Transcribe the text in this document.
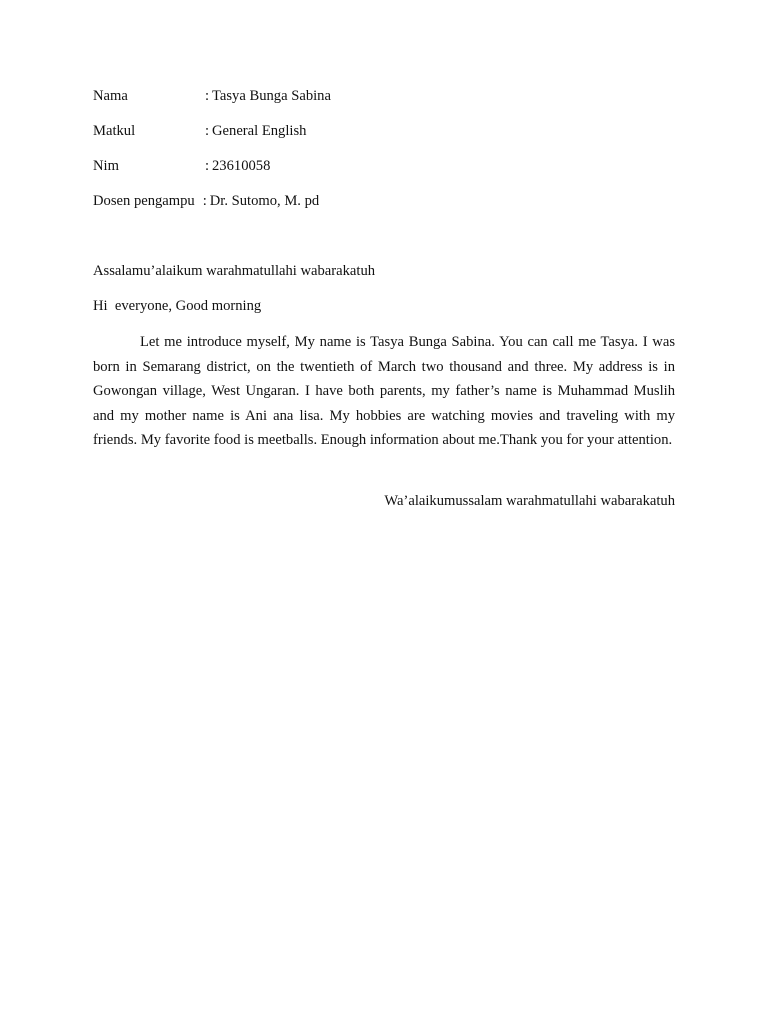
Nama	: Tasya Bunga Sabina
Matkul	: General English
Nim	: 23610058
Dosen pengampu : Dr. Sutomo, M. pd
Assalamu’alaikum warahmatullahi wabarakatuh
Hi  everyone, Good morning

Let me introduce myself, My name is Tasya Bunga Sabina. You can call me Tasya. I was born in Semarang district, on the twentieth of March two thousand and three. My address is in Gowongan village, West Ungaran. I have both parents, my father’s name is Muhammad Muslih and my mother name is Ani ana lisa. My hobbies are watching movies and traveling with my friends. My favorite food is meetballs. Enough information about me.Thank you for your attention.

Wa’alaikumussalam warahmatullahi wabarakatuh
